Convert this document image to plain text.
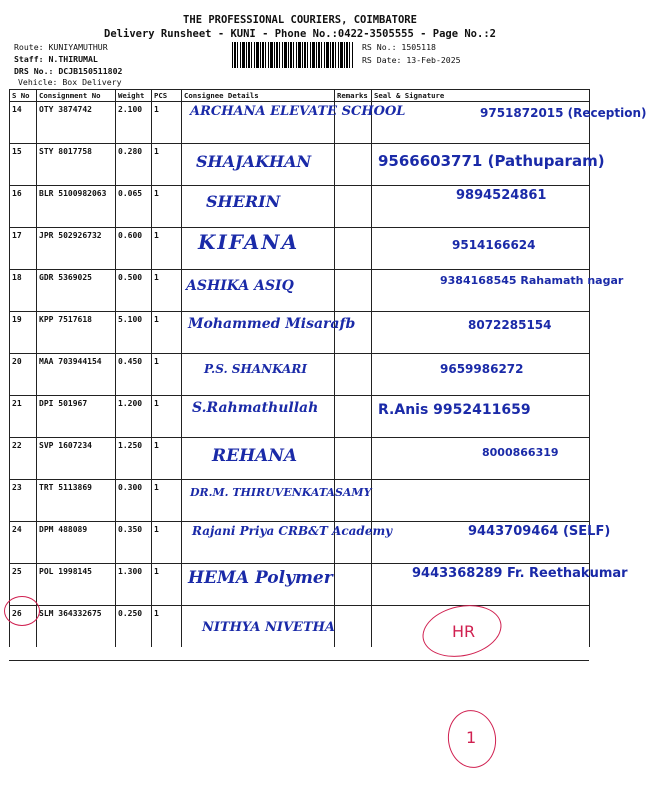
THE PROFESSIONAL COURIERS, COIMBATORE
Delivery Runsheet - KUNI - Phone No.:0422-3505555 - Page No.:2
Route: KUNIYAMUTHUR
Staff: N.THIRUMAL
DRS No.: DCJB150511802
Vehicle: Box Delivery
RS No.: 1505118
RS Date: 13-Feb-2025
S No	Consignment No	Weight	PCS	Consignee Details	Remarks	Seal & Signature
14	OTY 3874742	2.100	1	ARCHANA ELEVATE SCHOOL		9751872015 (Reception)

15	STY 8017758	0.280	1	SHAJAKHAN		9566603771 (Pathuparam)

16	BLR 5100982063	0.065	1	SHERIN		9894524861

17	JPR 502926732	0.600	1	KIFANA		9514166624

18	GDR 5369025	0.500	1	ASHIKA ASIQ		9384168545 Rahamath nagar

19	KPP 7517618	5.100	1	Mohammed Misarafb		8072285154

20	MAA 703944154	0.450	1	P.S. SHANKARI		9659986272

21	DPI 501967	1.200	1	S.Rahmathullah		R.Anis 9952411659

22	SVP 1607234	1.250	1	REHANA		8000866319

23	TRT 5113869	0.300	1	DR.M. THIRUVENKATASAMY		

24	DPM 488089	0.350	1	Rajani Priya CRB&T Academy		9443709464 (SELF)

25	POL 1998145	1.300	1	HEMA Polymer		9443368289 Fr. Reethakumar

26	SLM 364332675	0.250	1	NITHYA NIVETHA		
			HR
1
